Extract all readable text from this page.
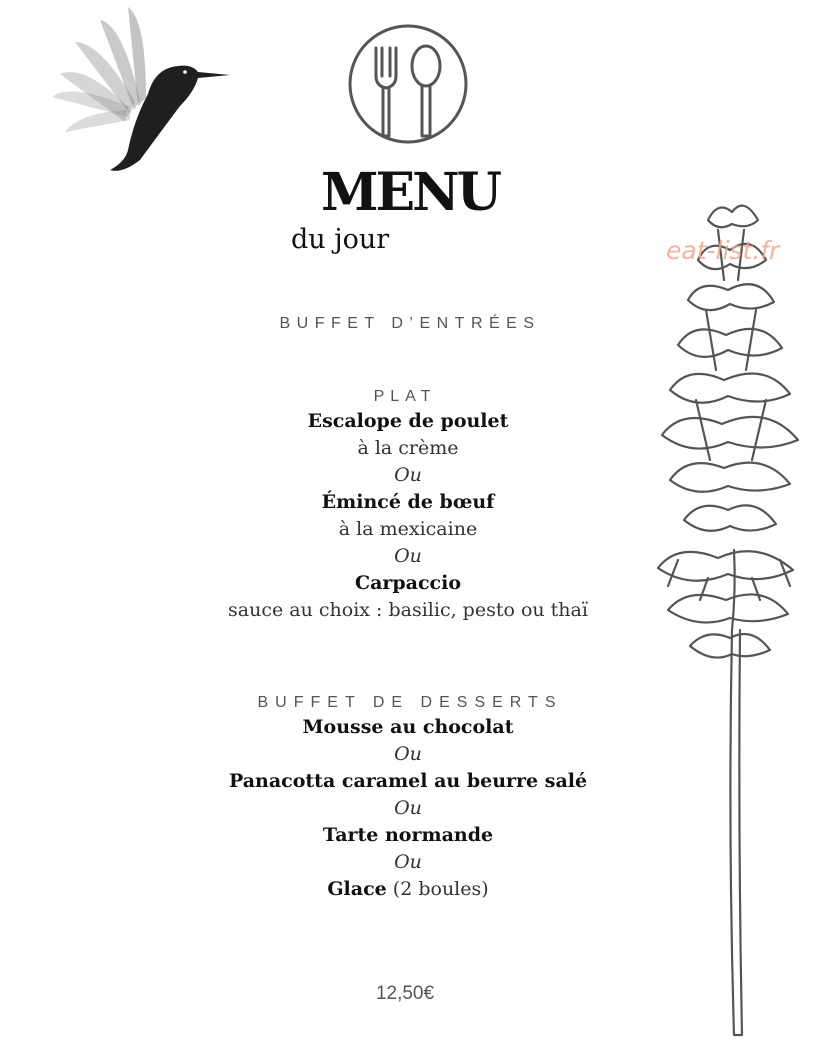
MENU
du jour	eat-list.fr
BUFFET D’ENTRÉES
PLAT
Escalope de poulet
à la crème
Ou
Émincé de bœuf
à la mexicaine
Ou
Carpaccio
sauce au choix : basilic, pesto ou thaï
BUFFET DE DESSERTS
Mousse au chocolat
Ou
Panacotta caramel au beurre salé
Ou
Tarte normande
Ou
Glace (2 boules)
12,50€
